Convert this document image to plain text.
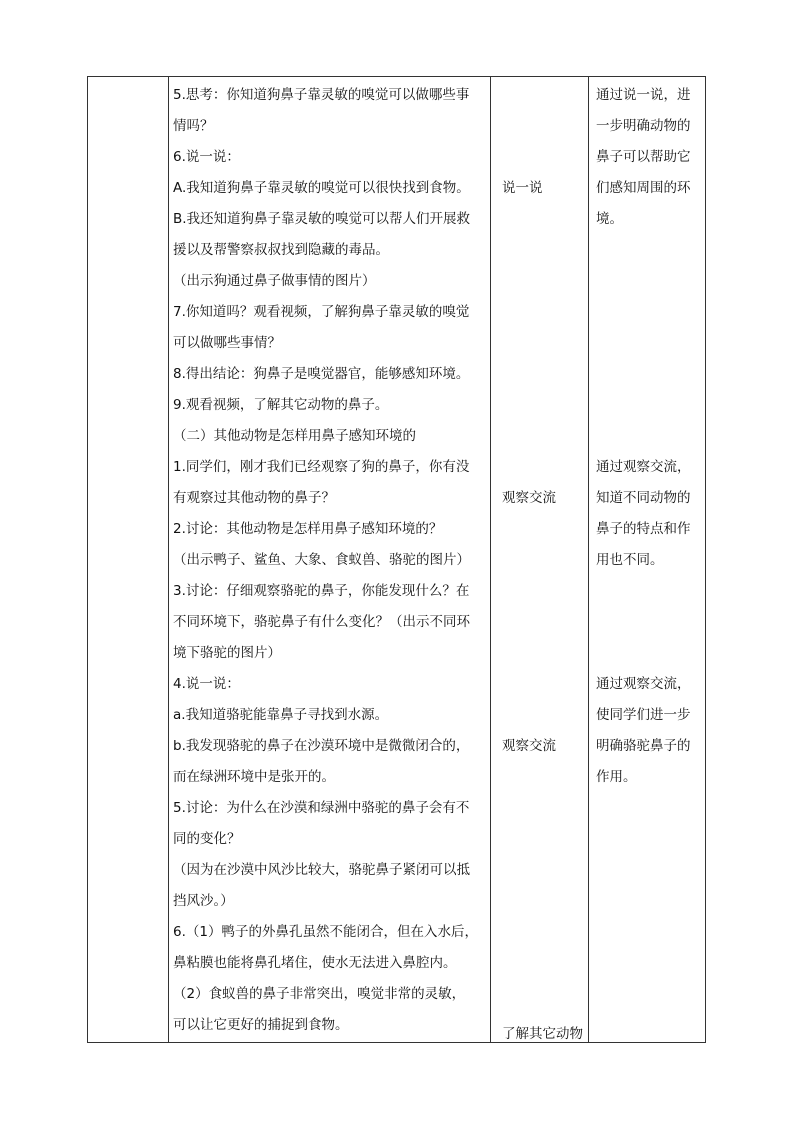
5.思考：你知道狗鼻子靠灵敏的嗅觉可以做哪些事

情吗？

6.说一说：

A.我知道狗鼻子靠灵敏的嗅觉可以很快找到食物。

B.我还知道狗鼻子靠灵敏的嗅觉可以帮人们开展救

援以及帮警察叔叔找到隐藏的毒品。

（出示狗通过鼻子做事情的图片）

7.你知道吗？观看视频，了解狗鼻子靠灵敏的嗅觉

可以做哪些事情？

8.得出结论：狗鼻子是嗅觉器官，能够感知环境。

9.观看视频，了解其它动物的鼻子。

（二）其他动物是怎样用鼻子感知环境的

1.同学们，刚才我们已经观察了狗的鼻子，你有没

有观察过其他动物的鼻子？

2.讨论：其他动物是怎样用鼻子感知环境的？

（出示鸭子、鲨鱼、大象、食蚁兽、骆驼的图片）

3.讨论：仔细观察骆驼的鼻子，你能发现什么？在

不同环境下，骆驼鼻子有什么变化？（出示不同环

境下骆驼的图片）

4.说一说：

a.我知道骆驼能靠鼻子寻找到水源。

b.我发现骆驼的鼻子在沙漠环境中是微微闭合的，

而在绿洲环境中是张开的。

5.讨论：为什么在沙漠和绿洲中骆驼的鼻子会有不

同的变化？

（因为在沙漠中风沙比较大，骆驼鼻子紧闭可以抵

挡风沙。）

6.（1）鸭子的外鼻孔虽然不能闭合，但在入水后，

鼻粘膜也能将鼻孔堵住，使水无法进入鼻腔内。

（2）食蚁兽的鼻子非常突出，嗅觉非常的灵敏，

可以让它更好的捕捉到食物。

说一说

观察交流

观察交流

了解其它动物

通过说一说，进

一步明确动物的

鼻子可以帮助它

们感知周围的环

境。

通过观察交流，

知道不同动物的

鼻子的特点和作

用也不同。

通过观察交流，

使同学们进一步

明确骆驼鼻子的

作用。
